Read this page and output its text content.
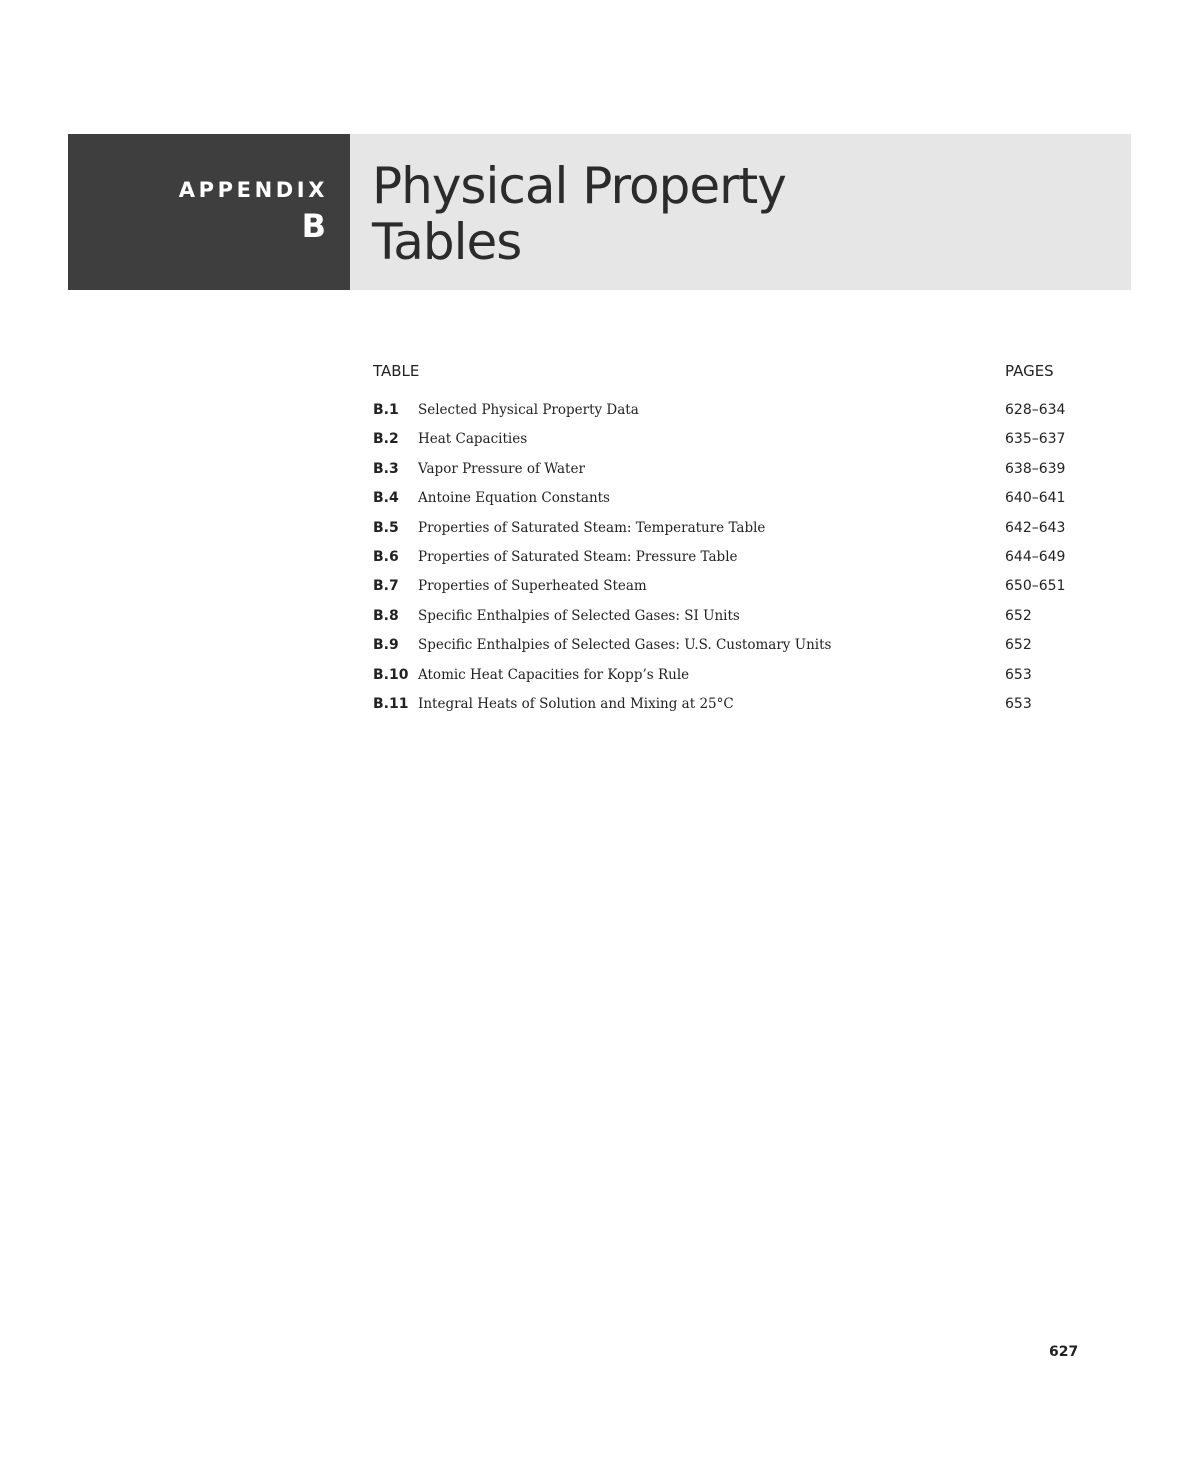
APPENDIX
B
Physical Property
Tables
TABLE	PAGES
B.1 Selected Physical Property Data	628–634
B.2 Heat Capacities	635–637
B.3 Vapor Pressure of Water	638–639
B.4 Antoine Equation Constants	640–641
B.5 Properties of Saturated Steam: Temperature Table	642–643
B.6 Properties of Saturated Steam: Pressure Table	644–649
B.7 Properties of Superheated Steam	650–651
B.8 Specific Enthalpies of Selected Gases: SI Units	652
B.9 Specific Enthalpies of Selected Gases: U.S. Customary Units	652
B.10 Atomic Heat Capacities for Kopp’s Rule	653
B.11 Integral Heats of Solution and Mixing at 25°C	653
627
